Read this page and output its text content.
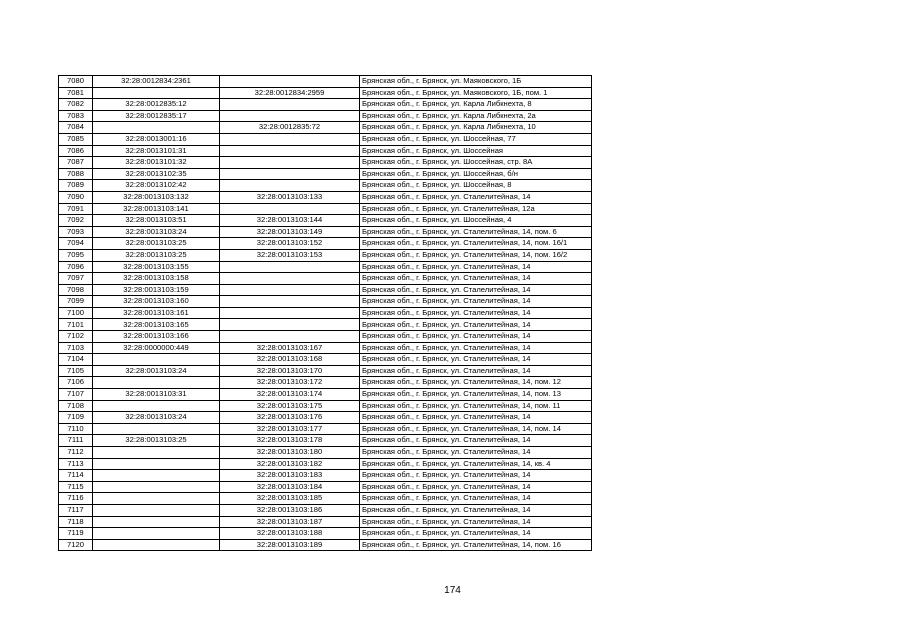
7080	32:28:0012834:2361		Брянская обл., г. Брянск, ул. Маяковского, 1Б
7081		32:28:0012834:2959	Брянская обл., г. Брянск, ул. Маяковского, 1Б, пом. 1
7082	32:28:0012835:12		Брянская обл., г. Брянск, ул. Карла Либкнехта, 8
7083	32:28:0012835:17		Брянская обл., г. Брянск, ул. Карла Либкнехта, 2а
7084		32:28:0012835:72	Брянская обл., г. Брянск, ул. Карла Либкнехта, 10
7085	32:28:0013001:16		Брянская обл., г. Брянск, ул. Шоссейная, 77
7086	32:28:0013101:31		Брянская обл., г. Брянск, ул. Шоссейная
7087	32:28:0013101:32		Брянская обл., г. Брянск, ул. Шоссейная, стр. 8А
7088	32:28:0013102:35		Брянская обл., г. Брянск, ул. Шоссейная, б/н
7089	32:28:0013102:42		Брянская обл., г. Брянск, ул. Шоссейная, 8
7090	32:28:0013103:132	32:28:0013103:133	Брянская обл., г. Брянск, ул. Сталелитейная, 14
7091	32:28:0013103:141		Брянская обл., г. Брянск, ул. Сталелитейная, 12а
7092	32:28:0013103:51	32:28:0013103:144	Брянская обл., г. Брянск, ул. Шоссейная, 4
7093	32:28:0013103:24	32:28:0013103:149	Брянская обл., г. Брянск, ул. Сталелитейная, 14, пом. 6
7094	32:28:0013103:25	32:28:0013103:152	Брянская обл., г. Брянск, ул. Сталелитейная, 14, пом. 16/1
7095	32:28:0013103:25	32:28:0013103:153	Брянская обл., г. Брянск, ул. Сталелитейная, 14, пом. 16/2
7096	32:28:0013103:155		Брянская обл., г. Брянск, ул. Сталелитейная, 14
7097	32:28:0013103:158		Брянская обл., г. Брянск, ул. Сталелитейная, 14
7098	32:28:0013103:159		Брянская обл., г. Брянск, ул. Сталелитейная, 14
7099	32:28:0013103:160		Брянская обл., г. Брянск, ул. Сталелитейная, 14
7100	32:28:0013103:161		Брянская обл., г. Брянск, ул. Сталелитейная, 14
7101	32:28:0013103:165		Брянская обл., г. Брянск, ул. Сталелитейная, 14
7102	32:28:0013103:166		Брянская обл., г. Брянск, ул. Сталелитейная, 14
7103	32:28:0000000:449	32:28:0013103:167	Брянская обл., г. Брянск, ул. Сталелитейная, 14
7104		32:28:0013103:168	Брянская обл., г. Брянск, ул. Сталелитейная, 14
7105	32:28:0013103:24	32:28:0013103:170	Брянская обл., г. Брянск, ул. Сталелитейная, 14
7106		32:28:0013103:172	Брянская обл., г. Брянск, ул. Сталелитейная, 14, пом. 12
7107	32:28:0013103:31	32:28:0013103:174	Брянская обл., г. Брянск, ул. Сталелитейная, 14, пом. 13
7108		32:28:0013103:175	Брянская обл., г. Брянск, ул. Сталелитейная, 14, пом. 11
7109	32:28:0013103:24	32:28:0013103:176	Брянская обл., г. Брянск, ул. Сталелитейная, 14
7110		32:28:0013103:177	Брянская обл., г. Брянск, ул. Сталелитейная, 14, пом. 14
7111	32:28:0013103:25	32:28:0013103:178	Брянская обл., г. Брянск, ул. Сталелитейная, 14
7112		32:28:0013103:180	Брянская обл., г. Брянск, ул. Сталелитейная, 14
7113		32:28:0013103:182	Брянская обл., г. Брянск, ул. Сталелитейная, 14, кв. 4
7114		32:28:0013103:183	Брянская обл., г. Брянск, ул. Сталелитейная, 14
7115		32:28:0013103:184	Брянская обл., г. Брянск, ул. Сталелитейная, 14
7116		32:28:0013103:185	Брянская обл., г. Брянск, ул. Сталелитейная, 14
7117		32:28:0013103:186	Брянская обл., г. Брянск, ул. Сталелитейная, 14
7118		32:28:0013103:187	Брянская обл., г. Брянск, ул. Сталелитейная, 14
7119		32:28:0013103:188	Брянская обл., г. Брянск, ул. Сталелитейная, 14
7120		32:28:0013103:189	Брянская обл., г. Брянск, ул. Сталелитейная, 14, пом. 16
174
